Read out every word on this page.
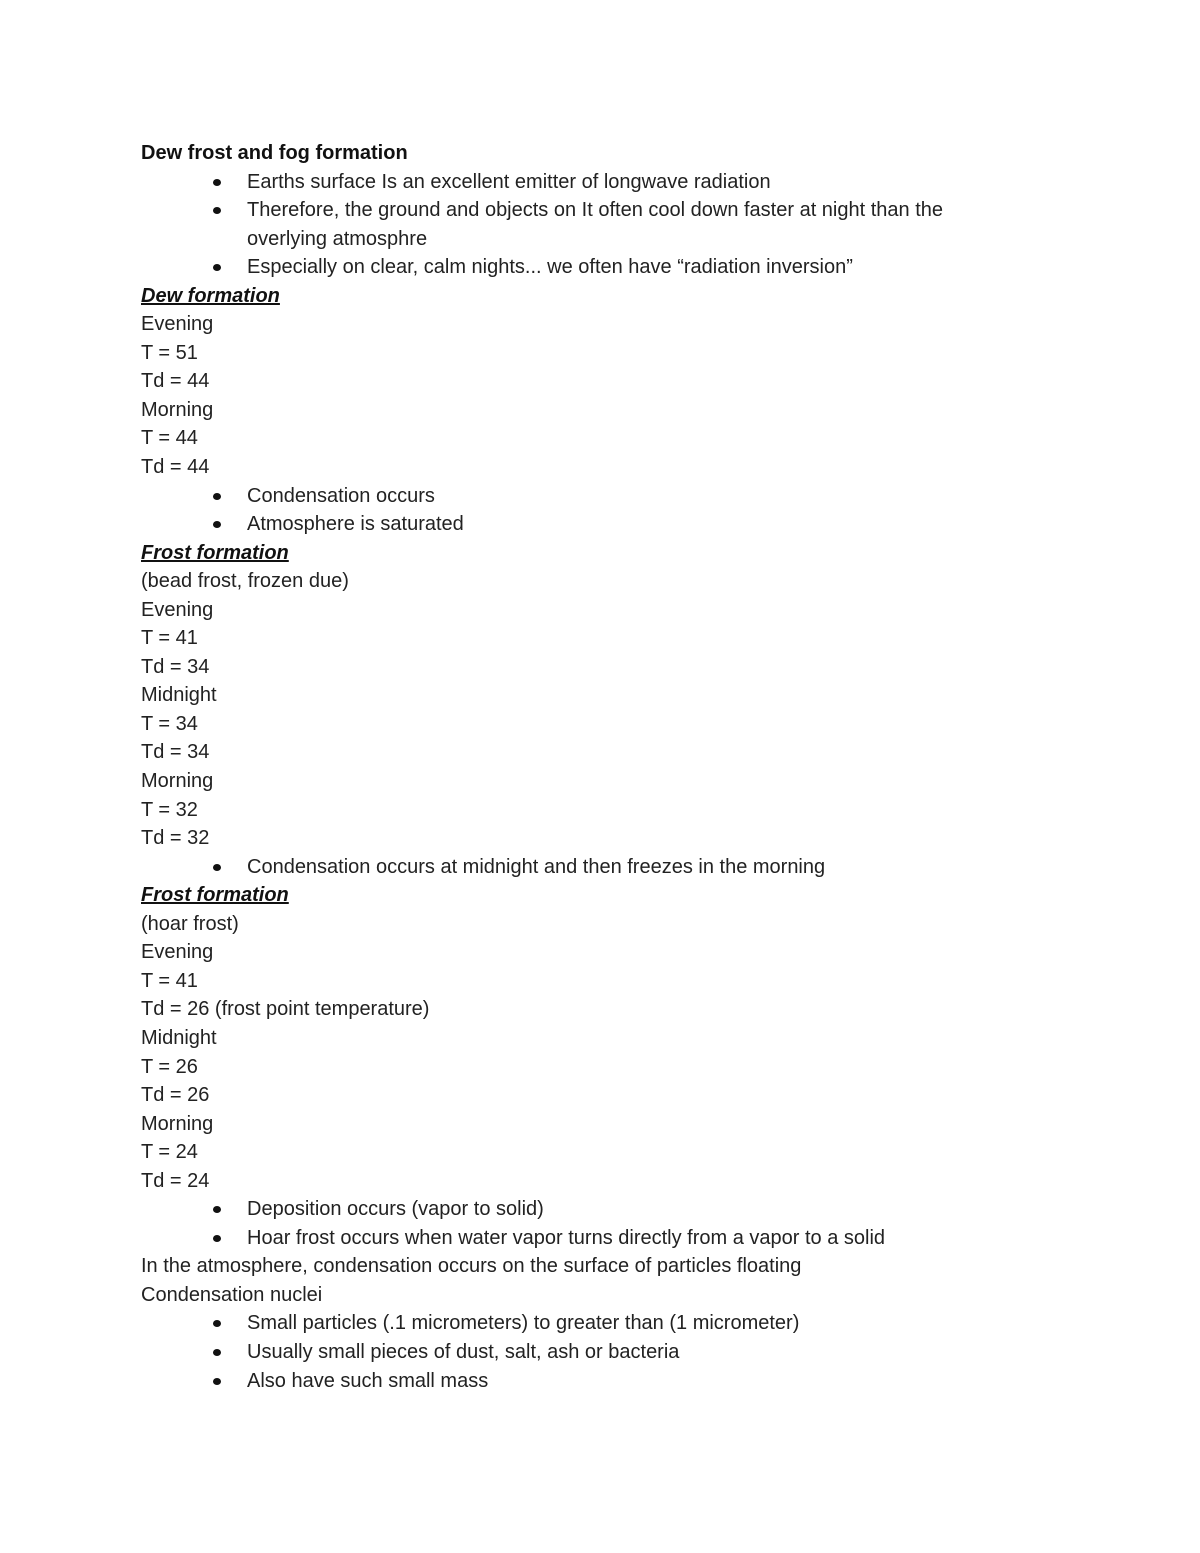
Dew frost and fog formation
Earths surface Is an excellent emitter of longwave radiation
Therefore, the ground and objects on It often cool down faster at night than the overlying atmosphre
Especially on clear, calm nights... we often have “radiation inversion”
Dew formation
Evening
T = 51
Td = 44
Morning
T = 44
Td = 44
Condensation occurs
Atmosphere is saturated
Frost formation
(bead frost, frozen due)
Evening
T = 41
Td = 34
Midnight
T = 34
Td = 34
Morning
T = 32
Td = 32
Condensation occurs at midnight and then freezes in the morning
Frost formation
(hoar frost)
Evening
T = 41
Td = 26 (frost point temperature)
Midnight
T = 26
Td = 26
Morning
T = 24
Td = 24
Deposition occurs (vapor to solid)
Hoar frost occurs when water vapor turns directly from a vapor to a solid
In the atmosphere, condensation occurs on the surface of particles floating
Condensation nuclei
Small particles (.1 micrometers) to greater than (1 micrometer)
Usually small pieces of dust, salt, ash or bacteria
Also have such small mass
